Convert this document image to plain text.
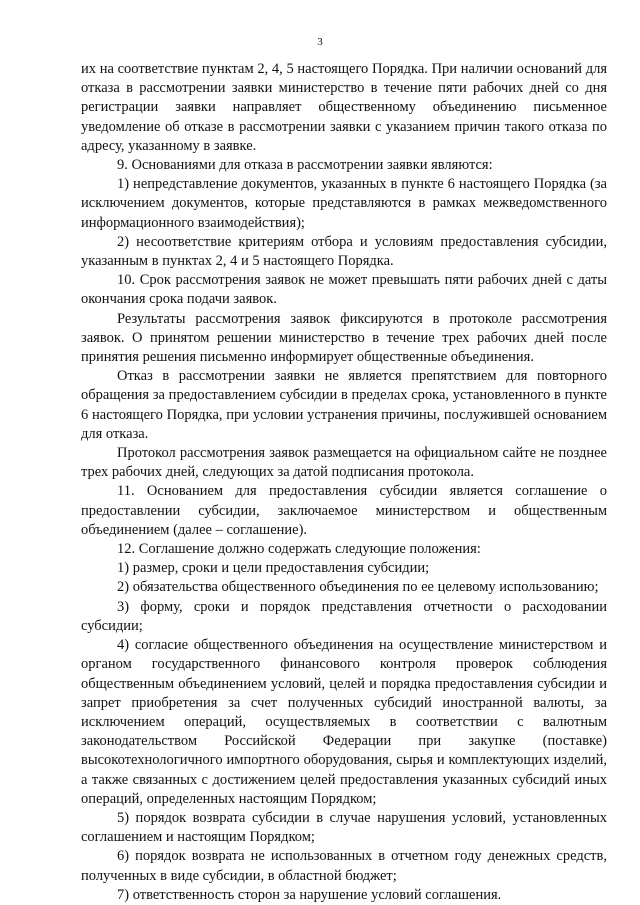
3

их на соответствие пунктам 2, 4, 5 настоящего Порядка. При наличии оснований для отказа в рассмотрении заявки министерство в течение пяти рабочих дней со дня регистрации заявки направляет общественному объединению письменное уведомление об отказе в рассмотрении заявки с указанием причин такого отказа по адресу, указанному в заявке.

9. Основаниями для отказа в рассмотрении заявки являются:

1) непредставление документов, указанных в пункте 6 настоящего Порядка (за исключением документов, которые представляются в рамках межведомственного информационного взаимодействия);

2) несоответствие критериям отбора и условиям предоставления субсидии, указанным в пунктах 2, 4 и 5 настоящего Порядка.

10. Срок рассмотрения заявок не может превышать пяти рабочих дней с даты окончания срока подачи заявок.

Результаты рассмотрения заявок фиксируются в протоколе рассмотрения заявок. О принятом решении министерство в течение трех рабочих дней после принятия решения письменно информирует общественные объединения.

Отказ в рассмотрении заявки не является препятствием для повторного обращения за предоставлением субсидии в пределах срока, установленного в пункте 6 настоящего Порядка, при условии устранения причины, послужившей основанием для отказа.

Протокол рассмотрения заявок размещается на официальном сайте не позднее трех рабочих дней, следующих за датой подписания протокола.

11. Основанием для предоставления субсидии является соглашение о предоставлении субсидии, заключаемое министерством и общественным объединением (далее – соглашение).

12. Соглашение должно содержать следующие положения:

1) размер, сроки и цели предоставления субсидии;

2) обязательства общественного объединения по ее целевому использованию;

3) форму, сроки и порядок представления отчетности о расходовании субсидии;

4) согласие общественного объединения на осуществление министерством и органом государственного финансового контроля проверок соблюдения общественным объединением условий, целей и порядка предоставления субсидии и запрет приобретения за счет полученных субсидий иностранной валюты, за исключением операций, осуществляемых в соответствии с валютным законодательством Российской Федерации при закупке (поставке) высокотехнологичного импортного оборудования, сырья и комплектующих изделий, а также связанных с достижением целей предоставления указанных субсидий иных операций, определенных настоящим Порядком;

5) порядок возврата субсидии в случае нарушения условий, установленных соглашением и настоящим Порядком;

6) порядок возврата не использованных в отчетном году денежных средств, полученных в виде субсидии, в областной бюджет;

7) ответственность сторон за нарушение условий соглашения.
